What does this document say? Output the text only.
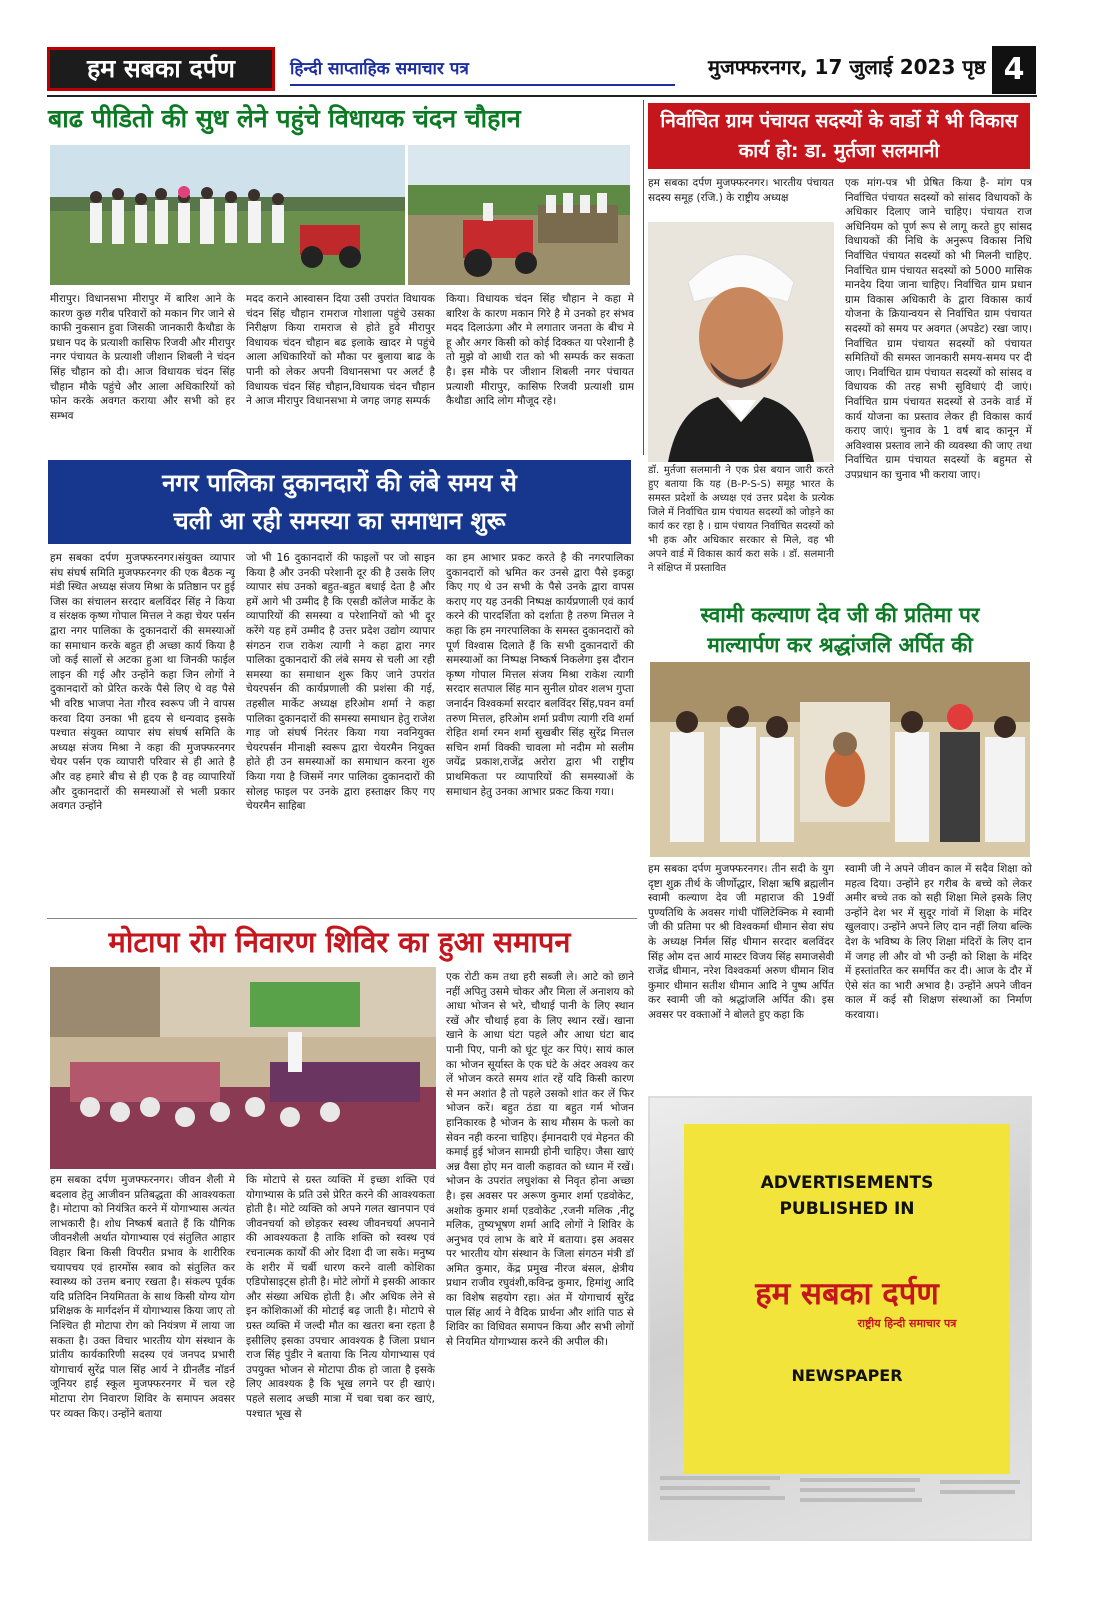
हम सबका दर्पण	हिन्दी साप्ताहिक समाचार पत्र	मुजफ्फरनगर, 17 जुलाई 2023 पृष्ठ 4
बाढ पीडितो की सुध लेने पहुंचे विधायक चंदन चौहान
मीरापुर। विधानसभा मीरापुर में बारिश आने के कारण कुछ गरीब परिवारों को मकान गिर जाने से काफी नुकसान हुवा जिसकी जानकारी कैथौडा के प्रधान पद के प्रत्याशी कासिफ रिजवी और मीरापुर नगर पंचायत के प्रत्याशी जीशान शिबली ने चंदन सिंह चौहान को दी। आज विधायक चंदन सिंह चौहान मौके पहुंचे और आला अधिकारियों को फोन करके अवगत कराया और सभी को हर सम्भव
मदद कराने आस्वासन दिया उसी उपरांत विधायक चंदन सिंह चौहान रामराज गोशाला पहुंचे उसका निरीक्षण किया रामराज से होते हुवे मीरापुर विधायक चंदन चौहान बढ इलाके खादर मे पहुंचे आला अधिकारियों को मौका पर बुलाया बाढ के पानी को लेकर अपनी विधानसभा पर अलर्ट है विधायक चंदन सिंह चौहान,विधायक चंदन चौहान ने आज मीरापुर विधानसभा मे जगह जगह सम्पर्क
किया। विधायक चंदन सिंह चौहान ने कहा मे बारिश के कारण मकान गिरे है मे उनको हर संभव मदद दिलाऊंगा और मे लगातार जनता के बीच मे हू और अगर किसी को कोई दिक्कत या परेशानी है तो मुझे वो आधी रात को भी सम्पर्क कर सकता है। इस मौके पर जीशान शिबली नगर पंचायत प्रत्याशी मीरापुर, कासिफ रिजवी प्रत्याशी ग्राम कैथौडा आदि लोग मौजूद रहे।
निर्वाचित ग्राम पंचायत सदस्यों के वार्डो में भी विकास कार्य हो: डा. मुर्तजा सलमानी
हम सबका दर्पण मुजफ्फरनगर। भारतीय पंचायत सदस्य समूह (रजि.) के राष्ट्रीय अध्यक्ष
डॉ. मुर्तजा सलमानी ने एक प्रेस बयान जारी करते हुए बताया कि यह (B-P-S-S) समूह भारत के समस्त प्रदेशों के अध्यक्ष एवं उत्तर प्रदेश के प्रत्येक जिले में निर्वाचित ग्राम पंचायत सदस्यों को जोड़ने का कार्य कर रहा है । ग्राम पंचायत निर्वाचित सदस्यों को भी हक और अधिकार सरकार से मिले, वह भी अपने वार्ड में विकास कार्य करा सके । डॉ. सलमानी ने संक्षिप्त में प्रस्तावित
एक मांग-पत्र भी प्रेषित किया है- मांग पत्र निर्वाचित पंचायत सदस्यों को सांसद विधायकों के अधिकार दिलाए जाने चाहिए। पंचायत राज अधिनियम को पूर्ण रूप से लागू करते हुए सांसद विधायकों की निधि के अनुरूप विकास निधि निर्वाचित पंचायत सदस्यों को भी मिलनी चाहिए. निर्वाचित ग्राम पंचायत सदस्यों को 5000 मासिक मानदेय दिया जाना चाहिए। निर्वाचित ग्राम प्रधान ग्राम विकास अधिकारी के द्वारा विकास कार्य योजना के क्रियान्वयन से निर्वाचित ग्राम पंचायत सदस्यों को समय पर अवगत (अपडेट) रखा जाए। निर्वाचित ग्राम पंचायत सदस्यों को पंचायत समितियों की समस्त जानकारी समय-समय पर दी जाए। निर्वाचित ग्राम पंचायत सदस्यों को सांसद व विधायक की तरह सभी सुविधाएं दी जाएं। निर्वाचित ग्राम पंचायत सदस्यों से उनके वार्ड में कार्य योजना का प्रस्ताव लेकर ही विकास कार्य कराए जाएं। चुनाव के 1 वर्ष बाद कानून में अविश्वास प्रस्ताव लाने की व्यवस्था की जाए तथा निर्वाचित ग्राम पंचायत सदस्यों के बहुमत से उपप्रधान का चुनाव भी कराया जाए।
नगर पालिका दुकानदारों की लंबे समय से
चली आ रही समस्या का समाधान शुरू
हम सबका दर्पण मुजफ्फरनगर।संयुक्त व्यापार संघ संघर्ष समिति मुजफ्फरनगर की एक बैठक न्यू मंडी स्थित अध्यक्ष संजय मिश्रा के प्रतिष्ठान पर हुई जिस का संचालन सरदार बलविंदर सिंह ने किया व संरक्षक कृष्ण गोपाल मित्तल ने कहा चेयर पर्सन द्वारा नगर पालिका के दुकानदारों की समस्याओं का समाधान करके बहुत ही अच्छा कार्य किया है जो कई सालों से अटका हुआ था जिनकी फाईल लाइन की गई और उन्होंने कहा जिन लोगों ने दुकानदारों को प्रेरित करके पैसे लिए थे वह पैसे भी वरिष्ठ भाजपा नेता गौरव स्वरूप जी ने वापस करवा दिया उनका भी हृदय से धन्यवाद इसके पश्चात संयुक्त व्यापार संघ संघर्ष समिति के अध्यक्ष संजय मिश्रा ने कहा की मुजफ्फरनगर चेयर पर्सन एक व्यापारी परिवार से ही आते है और वह हमारे बीच से ही एक है वह व्यापारियों और दुकानदारों की समस्याओं से भली प्रकार अवगत उन्होंने
जो भी 16 दुकानदारों की फाइलों पर जो साइन किया है और उनकी परेशानी दूर की है उसके लिए व्यापार संघ उनको बहुत-बहुत बधाई देता है और हमें आगे भी उम्मीद है कि एसडी कॉलेज मार्केट के व्यापारियों की समस्या व परेशानियों को भी दूर करेंगे यह हमें उम्मीद है उत्तर प्रदेश उद्योग व्यापार संगठन राज राकेश त्यागी ने कहा द्वारा नगर पालिका दुकानदारों की लंबे समय से चली आ रही समस्या का समाधान शुरू किए जाने उपरांत चेयरपर्सन की कार्यप्रणाली की प्रशंसा की गई, तहसील मार्केट अध्यक्ष हरिओम शर्मा ने कहा पालिका दुकानदारों की समस्या समाधान हेतु राजेश गाड़ जो संघर्ष निरंतर किया गया नवनियुक्त चेयरपर्सन मीनाक्षी स्वरूप द्वारा चेयरमैन नियुक्त होते ही उन समस्याओं का समाधान करना शुरु किया गया है जिसमें नगर पालिका दुकानदारों की सोलह फाइल पर उनके द्वारा हस्ताक्षर किए गए चेयरमैन साहिबा
का हम आभार प्रकट करते है की नगरपालिका दुकानदारों को भ्रमित कर उनसे द्वारा पैसे इकट्ठा किए गए थे उन सभी के पैसे उनके द्वारा वापस कराए गए यह उनकी निष्पक्ष कार्यप्रणाली एवं कार्य करने की पारदर्शिता को दर्शाता है तरुण मित्तल ने कहा कि हम नगरपालिका के समस्त दुकानदारों को पूर्ण विश्वास दिलाते हैं कि सभी दुकानदारों की समस्याओं का निष्पक्ष निष्कर्ष निकलेगा इस दौरान कृष्ण गोपाल मित्तल संजय मिश्रा राकेश त्यागी सरदार सतपाल सिंह मान सुनील ग्रोवर शलभ गुप्ता जनार्दन विश्वकर्मा सरदार बलविंदर सिंह,पवन वर्मा तरुण मित्तल, हरिओम शर्मा प्रवीण त्यागी रवि शर्मा रोहित शर्मा रमन शर्मा सुखबीर सिंह सुरेंद्र मित्तल सचिन शर्मा विक्की चावला मो नदीम मो सलीम जयेंद्र प्रकाश,राजेंद्र अरोरा द्वारा भी राष्ट्रीय प्राथमिकता पर व्यापारियों की समस्याओं के समाधान हेतु उनका आभार प्रकट किया गया।
स्वामी कल्याण देव जी की प्रतिमा पर
माल्यार्पण कर श्रद्धांजलि अर्पित की
हम सबका दर्पण मुजफ्फरनगर। तीन सदी के युग दृष्टा शुक्र तीर्थ के जीर्णोद्धार, शिक्षा ऋषि ब्रह्मलीन स्वामी कल्याण देव जी महाराज की 19वीं पुण्यतिथि के अवसर गांधी पॉलिटेक्निक मे स्वामी जी की प्रतिमा पर श्री विश्वकर्मा धीमान सेवा संघ के अध्यक्ष निर्मल सिंह धीमान सरदार बलविंदर सिंह ओम दत्त आर्य मास्टर विजय सिंह समाजसेवी राजेंद्र धीमान, नरेश विश्वकर्मा अरुण धीमान शिव कुमार धीमान सतीश धीमान आदि ने पुष्प अर्पित कर स्वामी जी को श्रद्धांजलि अर्पित की। इस अवसर पर वक्ताओं ने बोलते हुए कहा कि
स्वामी जी ने अपने जीवन काल में सदैव शिक्षा को महत्व दिया। उन्होंने हर गरीब के बच्चे को लेकर अमीर बच्चे तक को सही शिक्षा मिले इसके लिए उन्होंने देश भर में सुदूर गांवों में शिक्षा के मंदिर खुलवाए। उन्होंने अपने लिए दान नहीं लिया बल्कि देश के भविष्य के लिए शिक्षा मंदिरों के लिए दान में जगह ली और वो भी उन्ही को शिक्षा के मंदिर में हस्तांतरित कर समर्पित कर दी। आज के दौर में ऐसे संत का भारी अभाव है। उन्होंने अपने जीवन काल में कई सौ शिक्षण संस्थाओं का निर्माण करवाया।
मोटापा रोग निवारण शिविर का हुआ समापन
हम सबका दर्पण मुजफ्फरनगर। जीवन शैली मे बदलाव हेतु आजीवन प्रतिबद्धता की आवश्यकता है। मोटापा को नियंत्रित करने में योगाभ्यास अत्यंत लाभकारी है। शोध निष्कर्ष बताते हैं कि यौगिक जीवनशैली अर्थात योगाभ्यास एवं संतुलित आहार विहार बिना किसी विपरीत प्रभाव के शारीरिक चयापचय एवं हारमोंस स्त्राव को संतुलित कर स्वास्थ्य को उत्तम बनाए रखता है। संकल्प पूर्वक यदि प्रतिदिन नियमितता के साथ किसी योग्य योग प्रशिक्षक के मार्गदर्शन में योगाभ्यास किया जाए तो निश्चित ही मोटापा रोग को नियंत्रण में लाया जा सकता है। उक्त विचार भारतीय योग संस्थान के प्रांतीय कार्यकारिणी सदस्य एवं जनपद प्रभारी योगाचार्य सुरेंद्र पाल सिंह आर्य ने ग्रीनलैंड नॉडर्न जूनियर हाई स्कूल मुजफ्फरनगर में चल रहे मोटापा रोग निवारण शिविर के समापन अवसर पर व्यक्त किए। उन्होंने बताया
कि मोटापे से ग्रस्त व्यक्ति में इच्छा शक्ति एवं योगाभ्यास के प्रति उसे प्रेरित करने की आवश्यकता होती है। मोटे व्यक्ति को अपने गलत खानपान एवं जीवनचर्या को छोड़कर स्वस्थ जीवनचर्या अपनाने की आवश्यकता है ताकि शक्ति को स्वस्थ एवं रचनात्मक कार्यों की ओर दिशा दी जा सके। मनुष्य के शरीर में चर्बी धारण करने वाली कोशिका एडिपोसाइट्स होती है। मोटे लोगों मे इसकी आकार और संख्या अधिक होती है। और अधिक लेने से इन कोशिकाओं की मोटाई बढ़ जाती है। मोटापे से ग्रस्त व्यक्ति में जल्दी मौत का खतरा बना रहता है इसीलिए इसका उपचार आवश्यक है जिला प्रधान राज सिंह पुंडीर ने बताया कि नित्य योगाभ्यास एवं उपयुक्त भोजन से मोटापा ठीक हो जाता है इसके लिए आवश्यक है कि भूख लगने पर ही खाएं। पहले सलाद अच्छी मात्रा में चबा चबा कर खाएं, पश्चात भूख से
एक रोटी कम तथा हरी सब्जी ले। आटे को छाने नहीं अपितु उसमे चोकर और मिला लें अनाशय को आधा भोजन से भरे, चौथाई पानी के लिए स्थान रखें और चौथाई हवा के लिए स्थान रखें। खाना खाने के आधा घंटा पहले और आधा घंटा बाद पानी पिए, पानी को घूंट घूंट कर पिएं। सायं काल का भोजन सूर्यास्त के एक घंटे के अंदर अवश्य कर लें भोजन करते समय शांत रहें यदि किसी कारण से मन अशांत है तो पहले उसको शांत कर लें फिर भोजन करें। बहुत ठंडा या बहुत गर्म भोजन हानिकारक है भोजन के साथ मौसम के फलो का सेवन नही करना चाहिए। ईमानदारी एवं मेहनत की कमाई हुई भोजन सामग्री होनी चाहिए। जैसा खाएं अन्न वैसा होए मन वाली कहावत को ध्यान में रखें। भोजन के उपरांत लघुशंका से निवृत होना अच्छा है। इस अवसर पर अरूण कुमार शर्मा एडवोकेट, अशोक कुमार शर्मा एडवोकेट ,रजनी मलिक ,नीटू मलिक, तुष्यभूषण शर्मा आदि लोगों ने शिविर के अनुभव एवं लाभ के बारे में बताया। इस अवसर पर भारतीय योग संस्थान के जिला संगठन मंत्री डॉ अमित कुमार, केंद्र प्रमुख नीरज बंसल, क्षेत्रीय प्रधान राजीव रघुवंशी,कविन्द्र कुमार, हिमांशु आदि का विशेष सहयोग रहा। अंत में योगाचार्य सुरेंद्र पाल सिंह आर्य ने वैदिक प्रार्थना और शांति पाठ से शिविर का विधिवत समापन किया और सभी लोगों से नियमित योगाभ्यास करने की अपील की।
ADVERTISEMENTS
PUBLISHED IN
हम सबका दर्पण
राष्ट्रीय हिन्दी समाचार पत्र
NEWSPAPER
